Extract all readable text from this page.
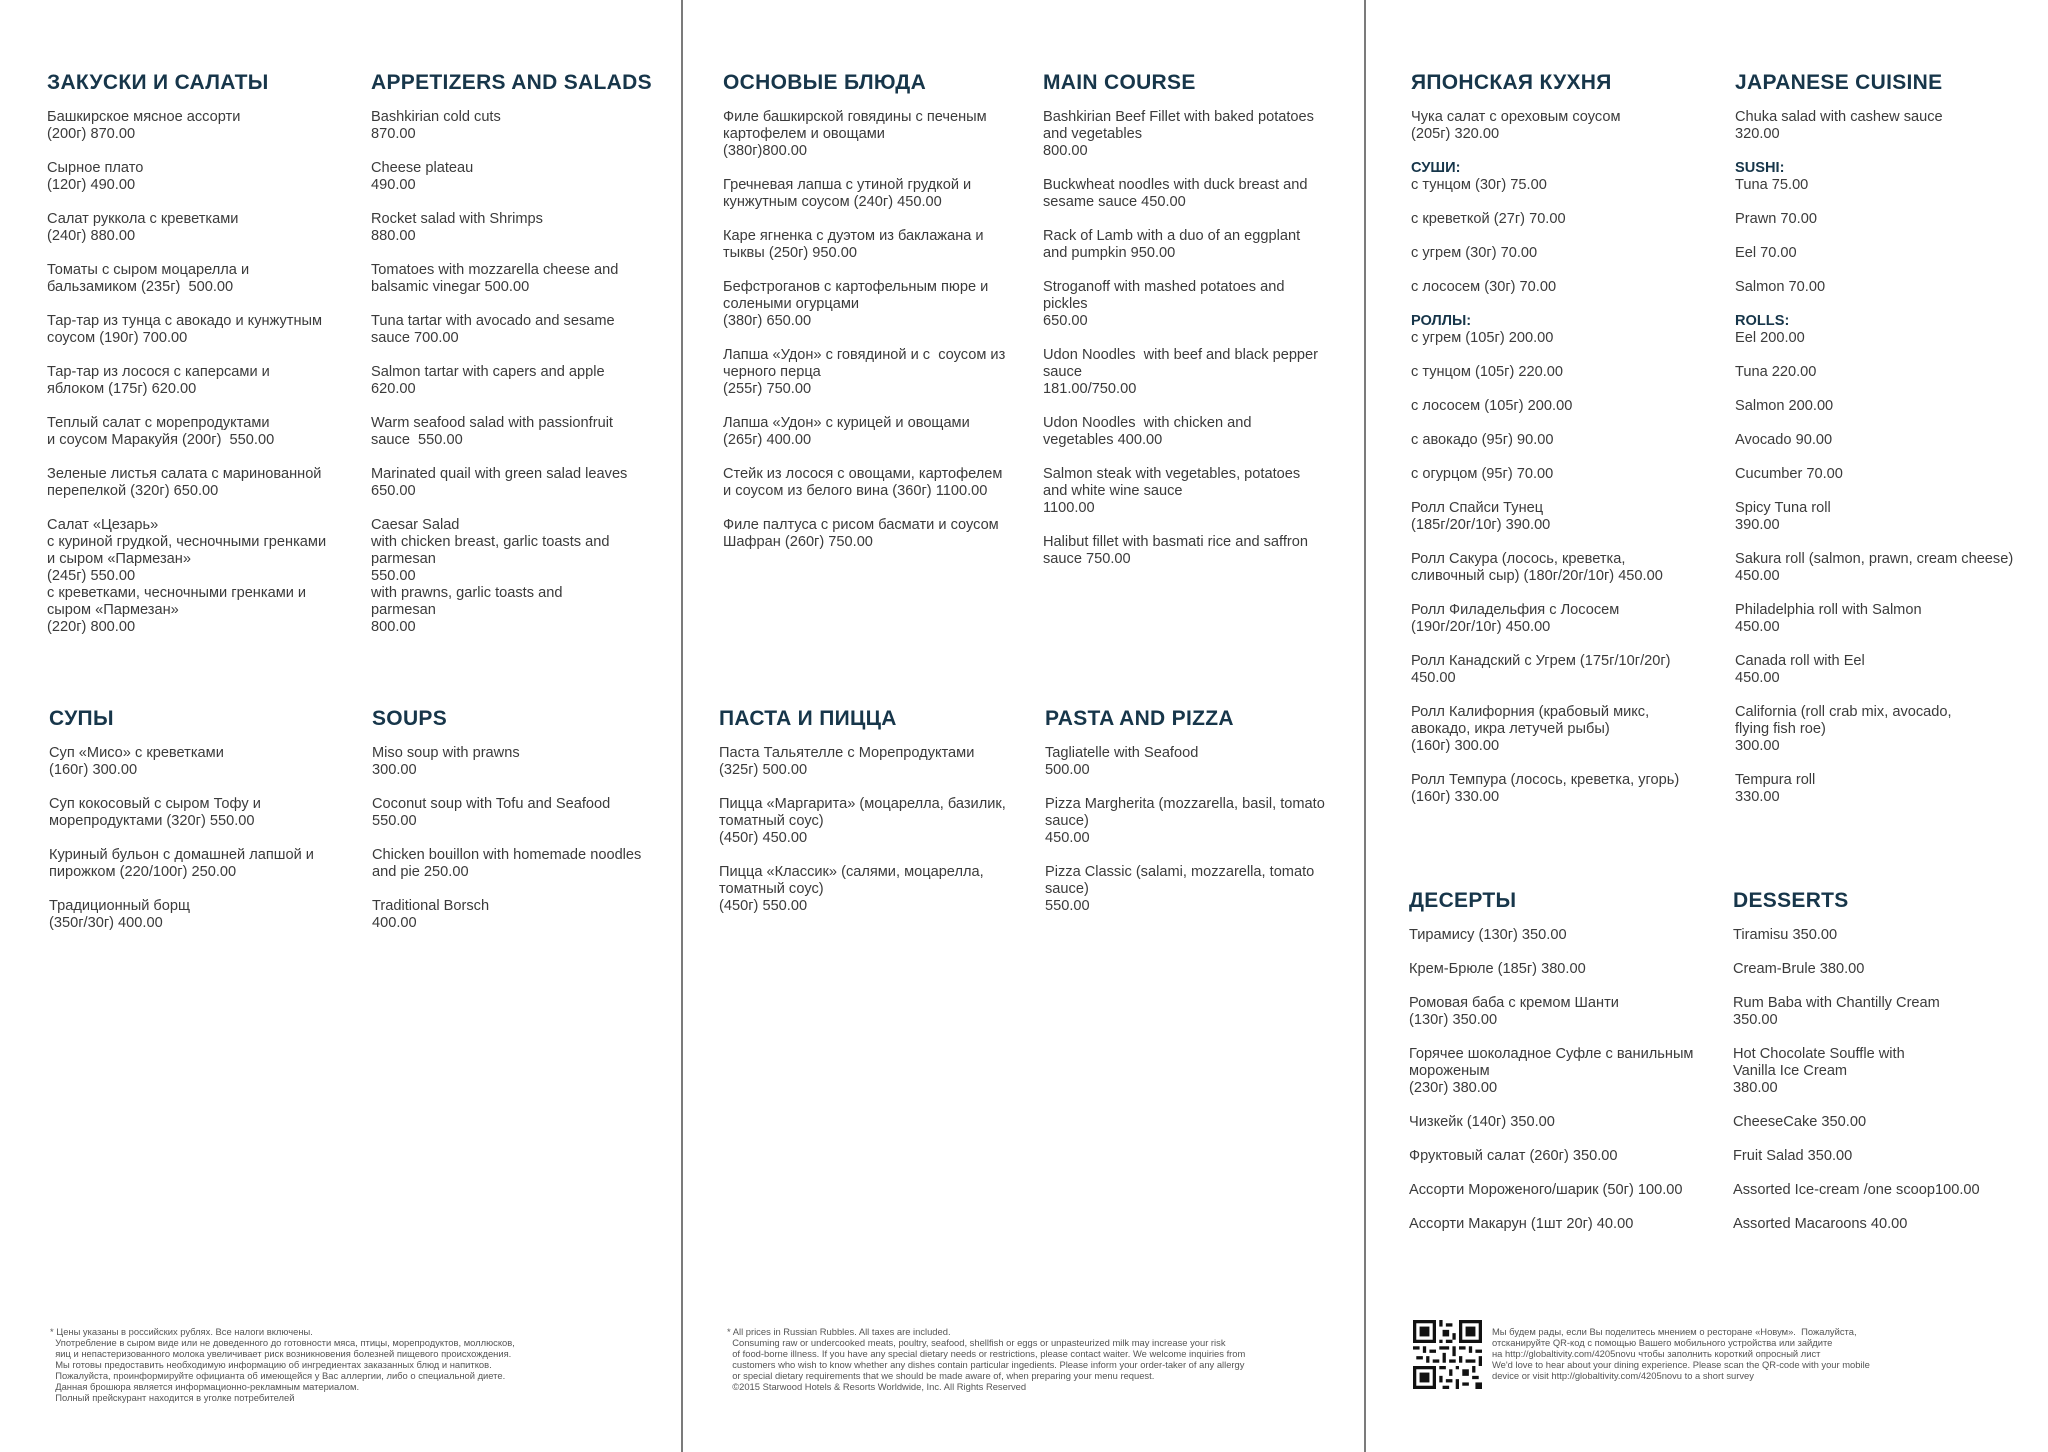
ЗАКУСКИ И САЛАТЫ
Башкирское мясное ассорти
(200г) 870.00
Сырное плато
(120г) 490.00
Салат руккола с креветками
(240г) 880.00
Томаты с сыром моцарелла и
бальзамиком (235г)  500.00
Тар-тар из тунца с авокадо и кунжутным
соусом (190г) 700.00
Тар-тар из лосося с каперсами и
яблоком (175г) 620.00
Теплый салат с морепродуктами
и соусом Маракуйя (200г)  550.00
Зеленые листья салата с маринованной
перепелкой (320г) 650.00
Салат «Цезарь»
с куриной грудкой, чесночными гренками
и сыром «Пармезан»
(245г) 550.00
с креветками, чесночными гренками и
сыром «Пармезан»
(220г) 800.00
APPETIZERS AND SALADS
Bashkirian cold cuts
870.00
Cheese plateau
490.00
Rocket salad with Shrimps
880.00
Tomatoes with mozzarella cheese and
balsamic vinegar 500.00
Tuna tartar with avocado and sesame
sauce 700.00
Salmon tartar with capers and apple
620.00
Warm seafood salad with passionfruit
sauce  550.00
Marinated quail with green salad leaves
650.00
Caesar Salad
with chicken breast, garlic toasts and
parmesan
550.00
with prawns, garlic toasts and
parmesan
800.00
СУПЫ
Суп «Мисо» с креветками
(160г) 300.00
Суп кокосовый с сыром Тофу и
морепродуктами (320г) 550.00
Куриный бульон с домашней лапшой и
пирожком (220/100г) 250.00
Традиционный борщ
(350г/30г) 400.00
SOUPS
Miso soup with prawns
300.00
Coconut soup with Tofu and Seafood
550.00
Chicken bouillon with homemade noodles
and pie 250.00
Traditional Borsch
400.00
* Цены указаны в российских рублях. Все налоги включены.
Употребление в сыром виде или не доведенного до готовности мяса, птицы, морепродуктов, моллюсков,
яиц и непастеризованного молока увеличивает риск возникновения болезней пищевого происхождения.
Мы готовы предоставить необходимую информацию об ингредиентах заказанных блюд и напитков.
Пожалуйста, проинформируйте официанта об имеющейся у Вас аллергии, либо о специальной диете.
Данная брошюра является информационно-рекламным материалом.
Полный прейскурант находится в уголке потребителей
ОСНОВЫЕ БЛЮДА
Филе башкирской говядины с печеным
картофелем и овощами
(380г)800.00
Гречневая лапша с утиной грудкой и
кунжутным соусом (240г) 450.00
Каре ягненка с дуэтом из баклажана и
тыквы (250г) 950.00
Бефстроганов с картофельным пюре и
солеными огурцами
(380г) 650.00
Лапша «Удон» с говядиной и с  соусом из
черного перца
(255г) 750.00
Лапша «Удон» с курицей и овощами
(265г) 400.00
Стейк из лосося с овощами, картофелем
и соусом из белого вина (360г) 1100.00
Филе палтуса с рисом басмати и соусом
Шафран (260г) 750.00
MAIN COURSE
Bashkirian Beef Fillet with baked potatoes
and vegetables
800.00
Buckwheat noodles with duck breast and
sesame sauce 450.00
Rack of Lamb with a duo of an eggplant
and pumpkin 950.00
Stroganoff with mashed potatoes and
pickles
650.00
Udon Noodles  with beef and black pepper
sauce
181.00/750.00
Udon Noodles  with chicken and
vegetables 400.00
Salmon steak with vegetables, potatoes
and white wine sauce
1100.00
Halibut fillet with basmati rice and saffron
sauce 750.00
ПАСТА И ПИЦЦА
Паста Тальятелле с Морепродуктами
(325г) 500.00
Пицца «Маргарита» (моцарелла, базилик,
томатный соус)
(450г) 450.00
Пицца «Классик» (салями, моцарелла,
томатный соус)
(450г) 550.00
PASTA AND PIZZA
Tagliatelle with Seafood
500.00
Pizza Margherita (mozzarella, basil, tomato
sauce)
450.00
Pizza Classic (salami, mozzarella, tomato
sauce)
550.00
* All prices in Russian Rubbles. All taxes are included.
Consuming raw or undercooked meats, poultry, seafood, shellfish or eggs or unpasteurized milk may increase your risk
of food-borne illness. If you have any special dietary needs or restrictions, please contact waiter. We welcome inquiries from
customers who wish to know whether any dishes contain particular ingedients. Please inform your order-taker of any allergy
or special dietary requirements that we should be made aware of, when preparing your menu request.
©2015 Starwood Hotels & Resorts Worldwide, Inc. All Rights Reserved
ЯПОНСКАЯ КУХНЯ
Чука салат с ореховым соусом
(205г) 320.00
СУШИ:
с тунцом (30г) 75.00
с креветкой (27г) 70.00
с угрем (30г) 70.00
с лососем (30г) 70.00
РОЛЛЫ:
с угрем (105г) 200.00
с тунцом (105г) 220.00
с лососем (105г) 200.00
с авокадо (95г) 90.00
с огурцом (95г) 70.00
Ролл Спайси Тунец
(185г/20г/10г) 390.00
Ролл Сакура (лосось, креветка,
сливочный сыр) (180г/20г/10г) 450.00
Ролл Филадельфия с Лососем
(190г/20г/10г) 450.00
Ролл Канадский с Угрем (175г/10г/20г)
450.00
Ролл Калифорния (крабовый микс,
авокадо, икра летучей рыбы)
(160г) 300.00
Ролл Темпура (лосось, креветка, угорь)
(160г) 330.00
JAPANESE CUISINE
Chuka salad with cashew sauce
320.00
SUSHI:
Tuna 75.00
Prawn 70.00
Eel 70.00
Salmon 70.00
ROLLS:
Eel 200.00
Tuna 220.00
Salmon 200.00
Avocado 90.00
Cucumber 70.00
Spicy Tuna roll
390.00
Sakura roll (salmon, prawn, cream cheese)
450.00
Philadelphia roll with Salmon
450.00
Canada roll with Eel
450.00
California (roll crab mix, avocado,
flying fish roe)
300.00
Tempura roll
330.00
ДЕСЕРТЫ
Тирамису (130г) 350.00
Крем-Брюле (185г) 380.00
Ромовая баба с кремом Шанти
(130г) 350.00
Горячее шоколадное Суфле с ванильным
мороженым
(230г) 380.00
Чизкейк (140г) 350.00
Фруктовый салат (260г) 350.00
Ассорти Мороженого/шарик (50г) 100.00
Ассорти Макарун (1шт 20г) 40.00
DESSERTS
Tiramisu 350.00
Cream-Brule 380.00
Rum Baba with Chantilly Cream
350.00
Hot Chocolate Souffle with
Vanilla Ice Cream
380.00
CheeseCake 350.00
Fruit Salad 350.00
Assorted Ice-cream /one scoop100.00
Assorted Macaroons 40.00
Мы будем рады, если Вы поделитесь мнением о ресторане «Новум».  Пожалуйста,
отсканируйте QR-код с помощью Вашего мобильного устройства или зайдите
на http://globaltivity.com/4205novu чтобы заполнить короткий опросный лист
We'd love to hear about your dining experience. Please scan the QR-code with your mobile
device or visit http://globaltivity.com/4205novu to a short survey
